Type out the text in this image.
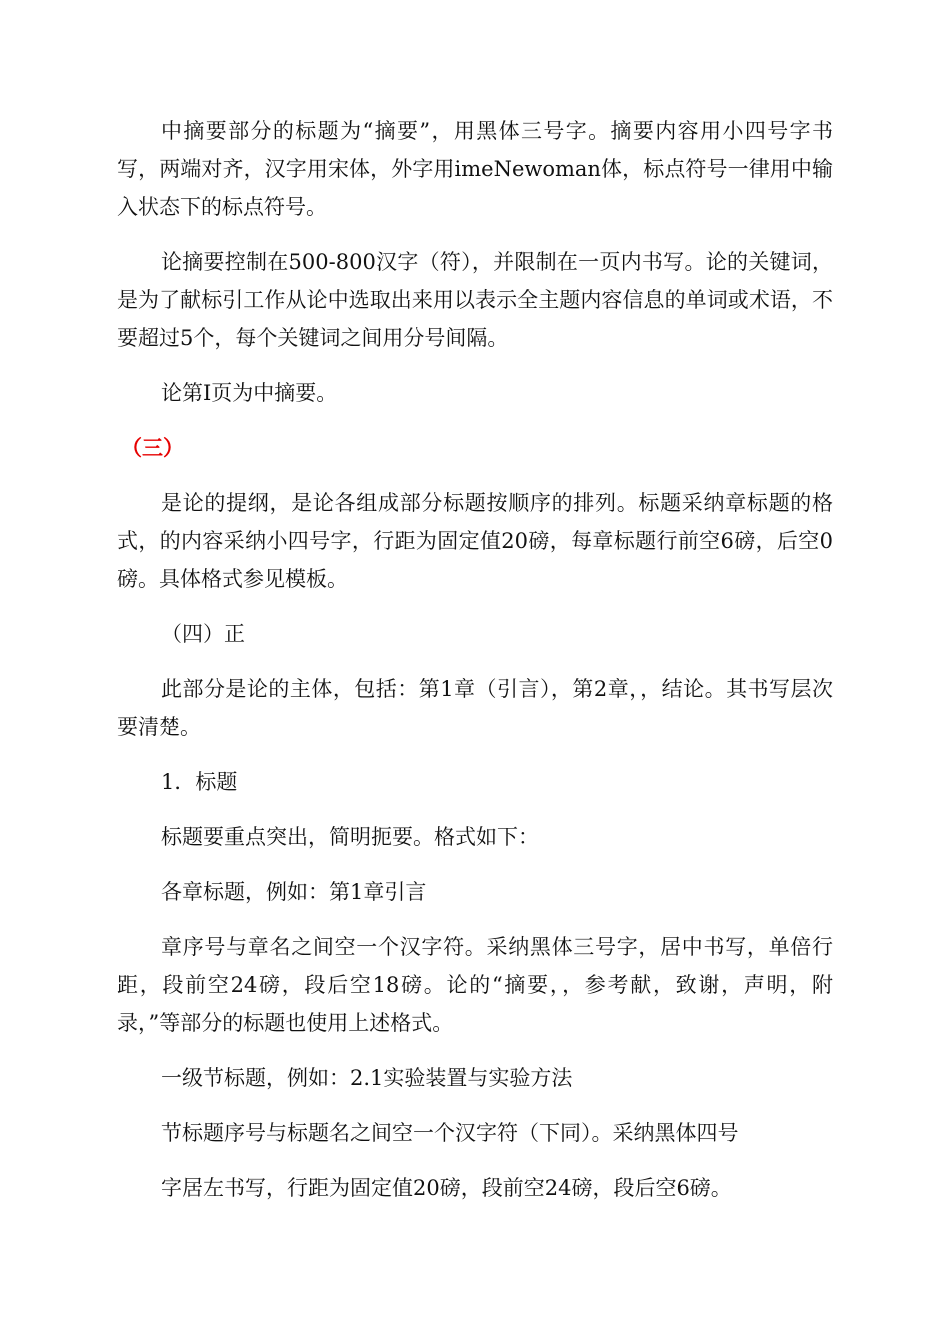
中摘要部分的标题为“摘要”，用黑体三号字。摘要内容用小四号字书写，两端对齐，汉字用宋体，外字用imeNewoman体，标点符号一律用中输入状态下的标点符号。

论摘要控制在500-800汉字（符），并限制在一页内书写。论的关键词，是为了献标引工作从论中选取出来用以表示全主题内容信息的单词或术语，不要超过5个，每个关键词之间用分号间隔。

论第Ⅰ页为中摘要。

（三）

是论的提纲，是论各组成部分标题按顺序的排列。标题采纳章标题的格式，的内容采纳小四号字，行距为固定值20磅，每章标题行前空6磅，后空0磅。具体格式参见模板。

（四）正

此部分是论的主体，包括：第1章（引言），第2章，，结论。其书写层次要清楚。

1．标题

标题要重点突出，简明扼要。格式如下：

各章标题，例如：第1章引言

章序号与章名之间空一个汉字符。采纳黑体三号字，居中书写，单倍行距，段前空24磅，段后空18磅。论的“摘要，，参考献，致谢，声明，附录，”等部分的标题也使用上述格式。

一级节标题，例如：2.1实验装置与实验方法

节标题序号与标题名之间空一个汉字符（下同）。采纳黑体四号

字居左书写，行距为固定值20磅，段前空24磅，段后空6磅。
